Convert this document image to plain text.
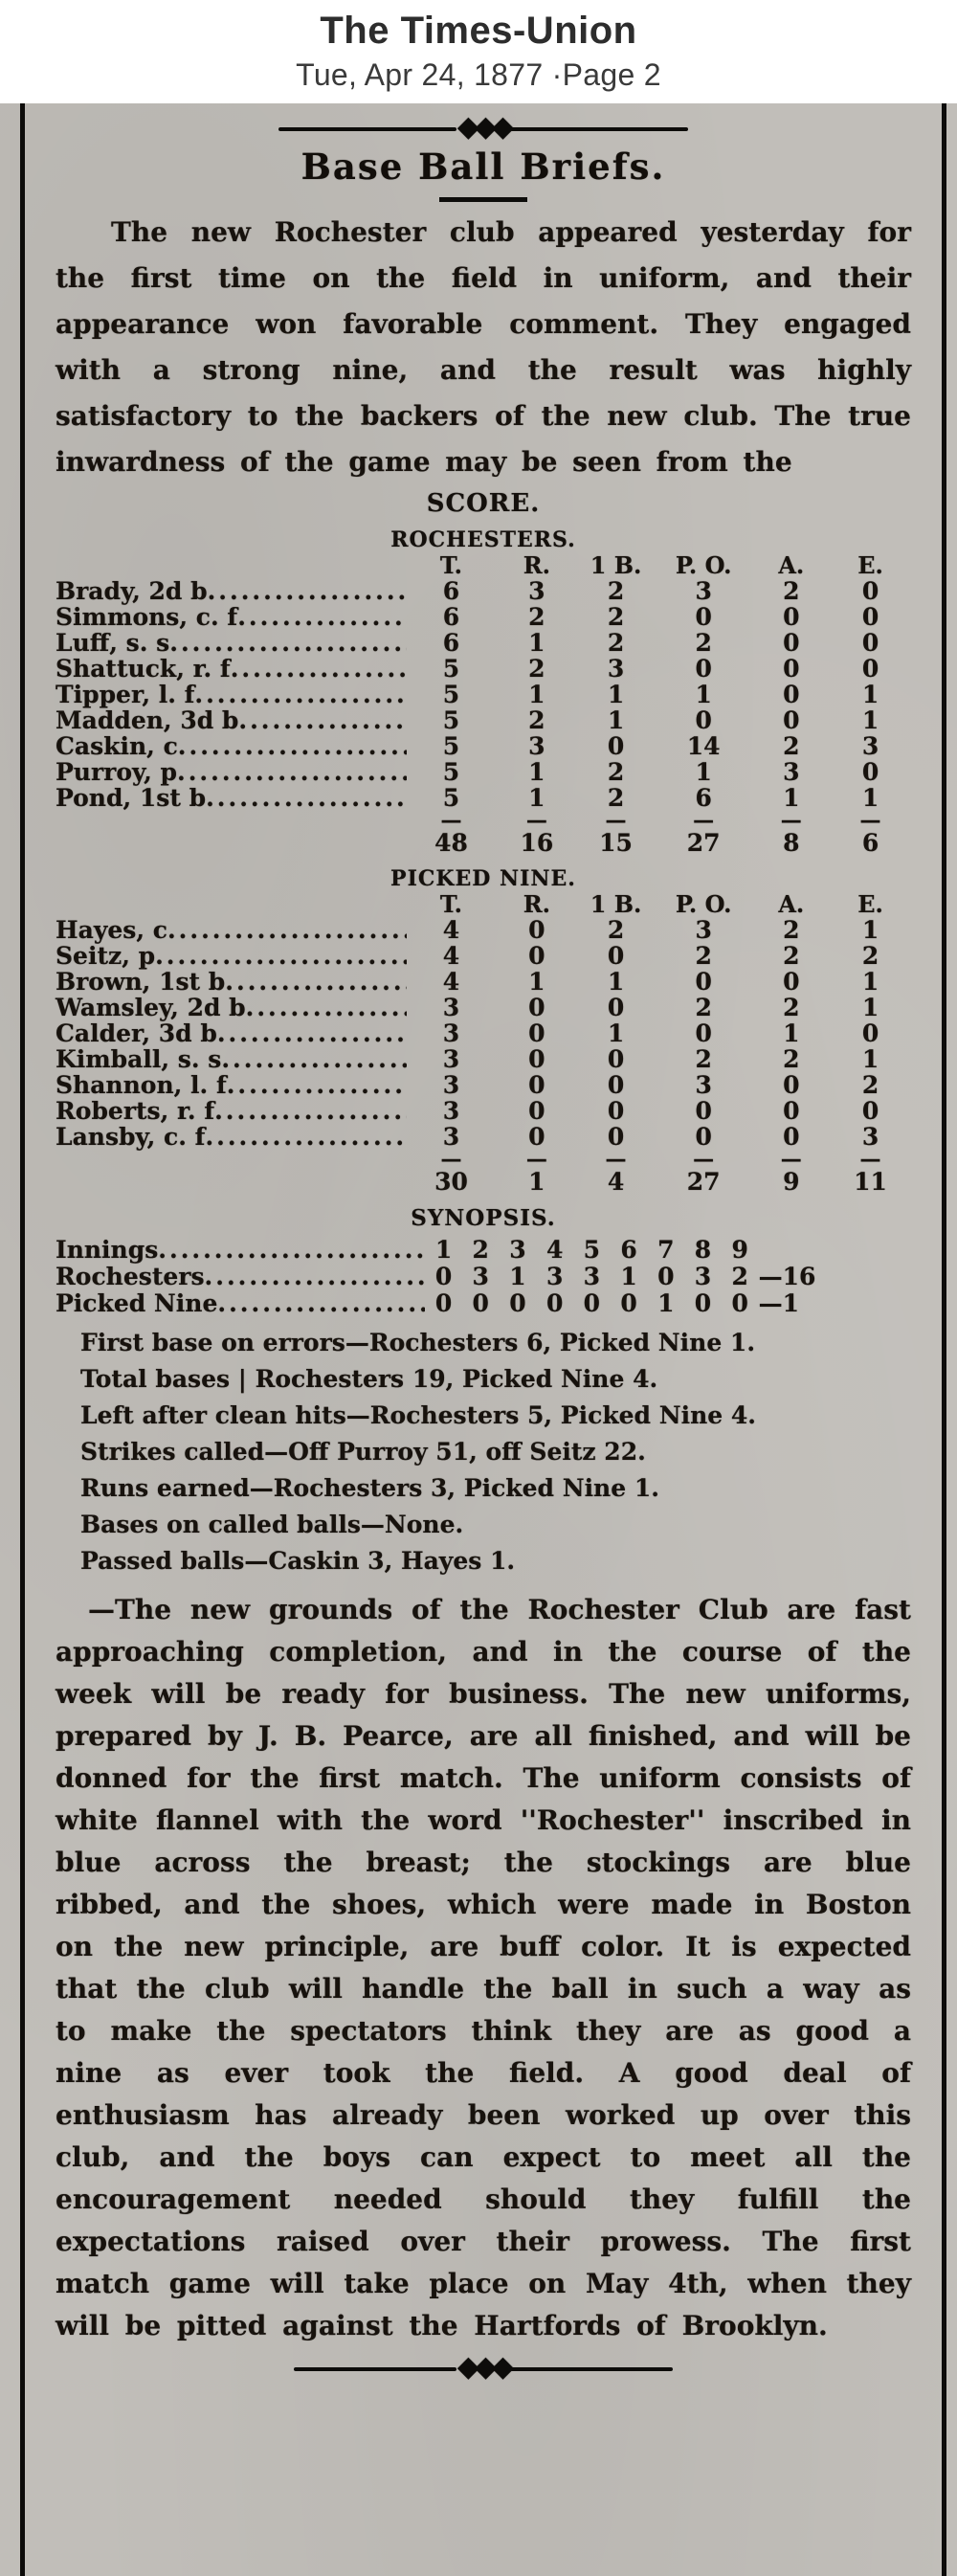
The Times-Union
Tue, Apr 24, 1877 ·Page 2
◆◆◆
Base Ball Briefs.

The new Rochester club appeared yesterday for the first time on the field in uniform, and their appearance won favorable comment. They engaged with a strong nine, and the result was highly satisfactory to the backers of the new club. The true inwardness of the game may be seen from the

SCORE.
ROCHESTERS.
	T.	R.	1 B.	P. O.	A.	E.

Brady, 2d b
.....	6	3	2	3	2	0

Simmons, c. f
.....	6	2	2	0	0	0

Luff, s. s
.....	6	1	2	2	0	0

Shattuck, r. f
.....	5	2	3	0	0	0

Tipper, l. f
.....	5	1	1	1	0	1

Madden, 3d b
.....	5	2	1	0	0	1

Caskin, c
.....	5	3	0	14	2	3

Purroy, p
.....	5	1	2	1	3	0

Pond, 1st b
.....	5	1	2	6	1	1
	—	—	—	—	—	—
	48	16	15	27	8	6
PICKED NINE.
	T.	R.	1 B.	P. O.	A.	E.

Hayes, c
.....	4	0	2	3	2	1

Seitz, p
.....	4	0	0	2	2	2

Brown, 1st b
.....	4	1	1	0	0	1

Wamsley, 2d b
.....	3	0	0	2	2	1

Calder, 3d b
.....	3	0	1	0	1	0

Kimball, s. s
.....	3	0	0	2	2	1

Shannon, l. f
.....	3	0	0	3	0	2

Roberts, r. f
.....	3	0	0	0	0	0

Lansby, c. f
.....	3	0	0	0	0	3
	—	—	—	—	—	—
	30	1	4	27	9	11
SYNOPSIS.
Innings
.....	1	2	3	4	5	6	7	8	9	

Rochesters
.....	0	3	1	3	3	1	0	3	2	—16

Picked Nine
.....	0	0	0	0	0	0	1	0	0	—1

First base on errors—Rochesters 6, Picked Nine 1.

Total bases | Rochesters 19, Picked Nine 4.

Left after clean hits—Rochesters 5, Picked Nine 4.

Strikes called—Off Purroy 51, off Seitz 22.

Runs earned—Rochesters 3, Picked Nine 1.

Bases on called balls—None.

Passed balls—Caskin 3, Hayes 1.

—The new grounds of the Rochester Club are fast approaching completion, and in the course of the week will be ready for business. The new uniforms, prepared by J. B. Pearce, are all finished, and will be donned for the first match. The uniform consists of white flannel with the word ''Rochester'' inscribed in blue across the breast; the stockings are blue ribbed, and the shoes, which were made in Boston on the new principle, are buff color. It is expected that the club will handle the ball in such a way as to make the spectators think they are as good a nine as ever took the field. A good deal of enthusiasm has already been worked up over this club, and the boys can expect to meet all the encouragement needed should they fulfill the expectations raised over their prowess. The first match game will take place on May 4th, when they will be pitted against the Hartfords of Brooklyn.

◆◆◆
